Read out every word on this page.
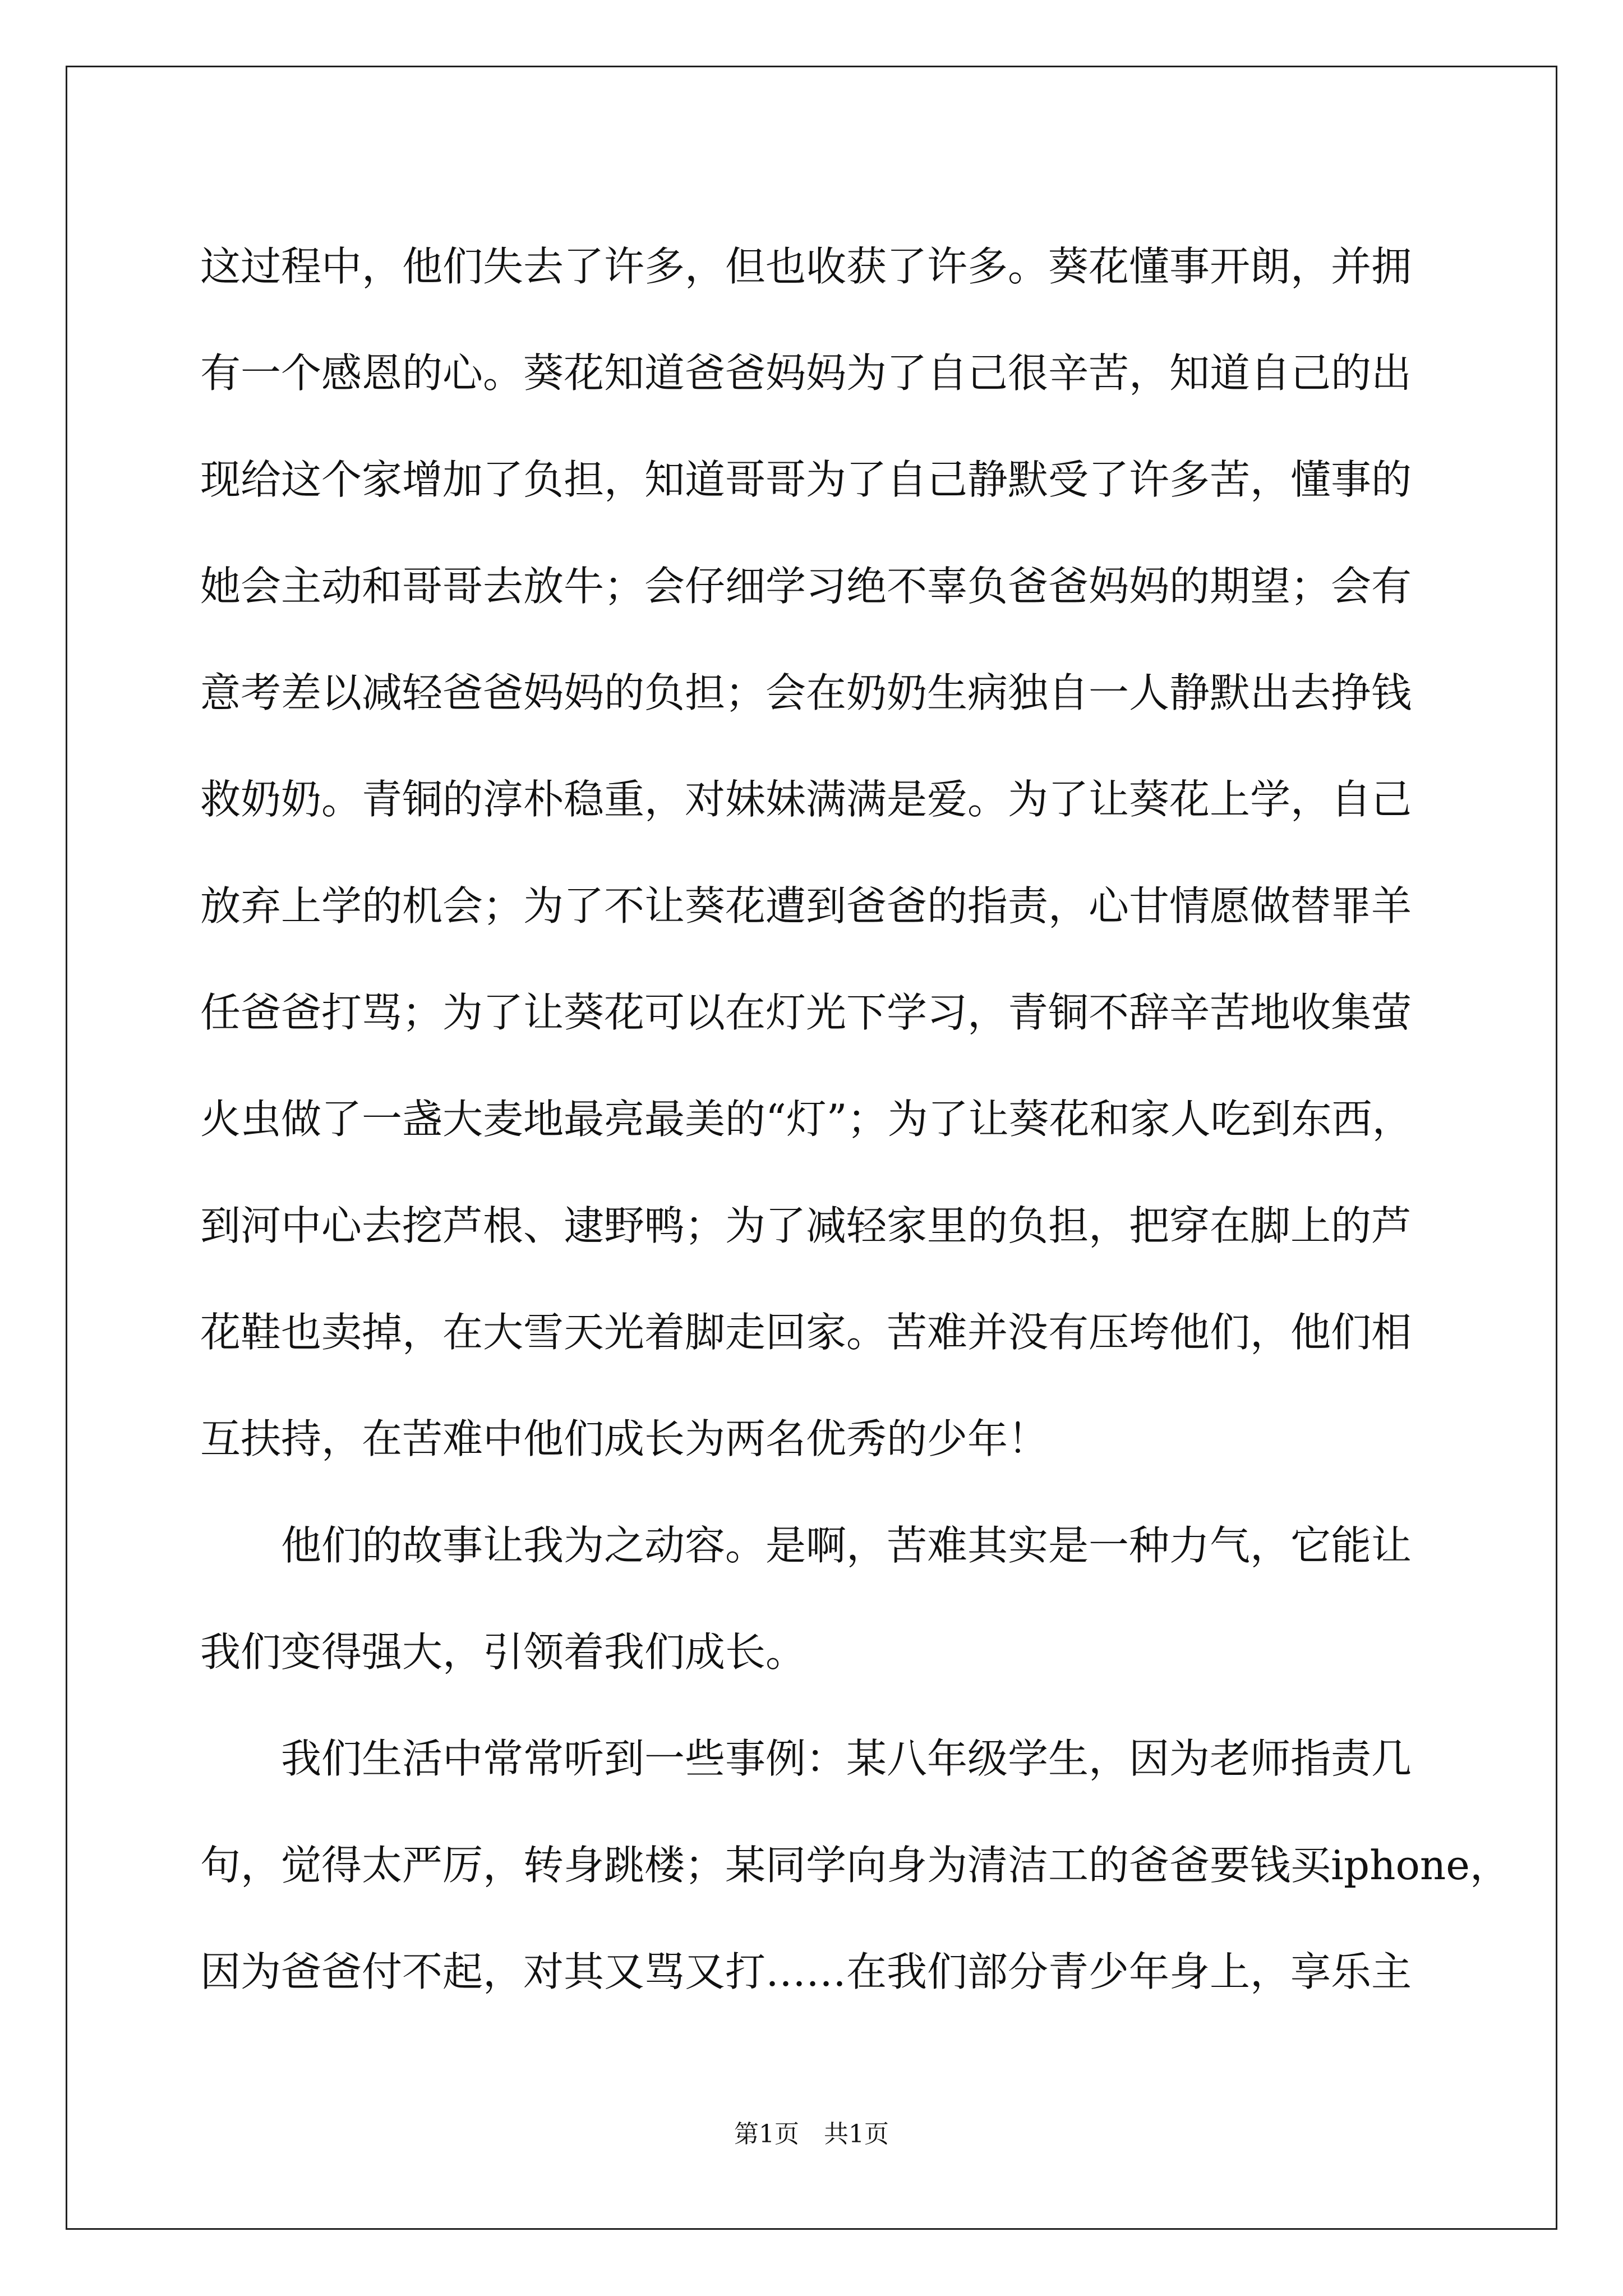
这过程中，他们失去了许多，但也收获了许多。葵花懂事开朗，并拥
有一个感恩的心。葵花知道爸爸妈妈为了自己很辛苦，知道自己的出
现给这个家增加了负担，知道哥哥为了自己静默受了许多苦，懂事的
她会主动和哥哥去放牛；会仔细学习绝不辜负爸爸妈妈的期望；会有
意考差以减轻爸爸妈妈的负担；会在奶奶生病独自一人静默出去挣钱
救奶奶。青铜的淳朴稳重，对妹妹满满是爱。为了让葵花上学，自己
放弃上学的机会；为了不让葵花遭到爸爸的指责，心甘情愿做替罪羊
任爸爸打骂；为了让葵花可以在灯光下学习，青铜不辞辛苦地收集萤
火虫做了一盏大麦地最亮最美的“灯”；为了让葵花和家人吃到东西，
到河中心去挖芦根、逮野鸭；为了减轻家里的负担，把穿在脚上的芦
花鞋也卖掉，在大雪天光着脚走回家。苦难并没有压垮他们，他们相
互扶持，在苦难中他们成长为两名优秀的少年！
他们的故事让我为之动容。是啊，苦难其实是一种力气，它能让
我们变得强大，引领着我们成长。
我们生活中常常听到一些事例：某八年级学生，因为老师指责几
句，觉得太严厉，转身跳楼；某同学向身为清洁工的爸爸要钱买iphone，
因为爸爸付不起，对其又骂又打……在我们部分青少年身上，享乐主
第1页　共1页
